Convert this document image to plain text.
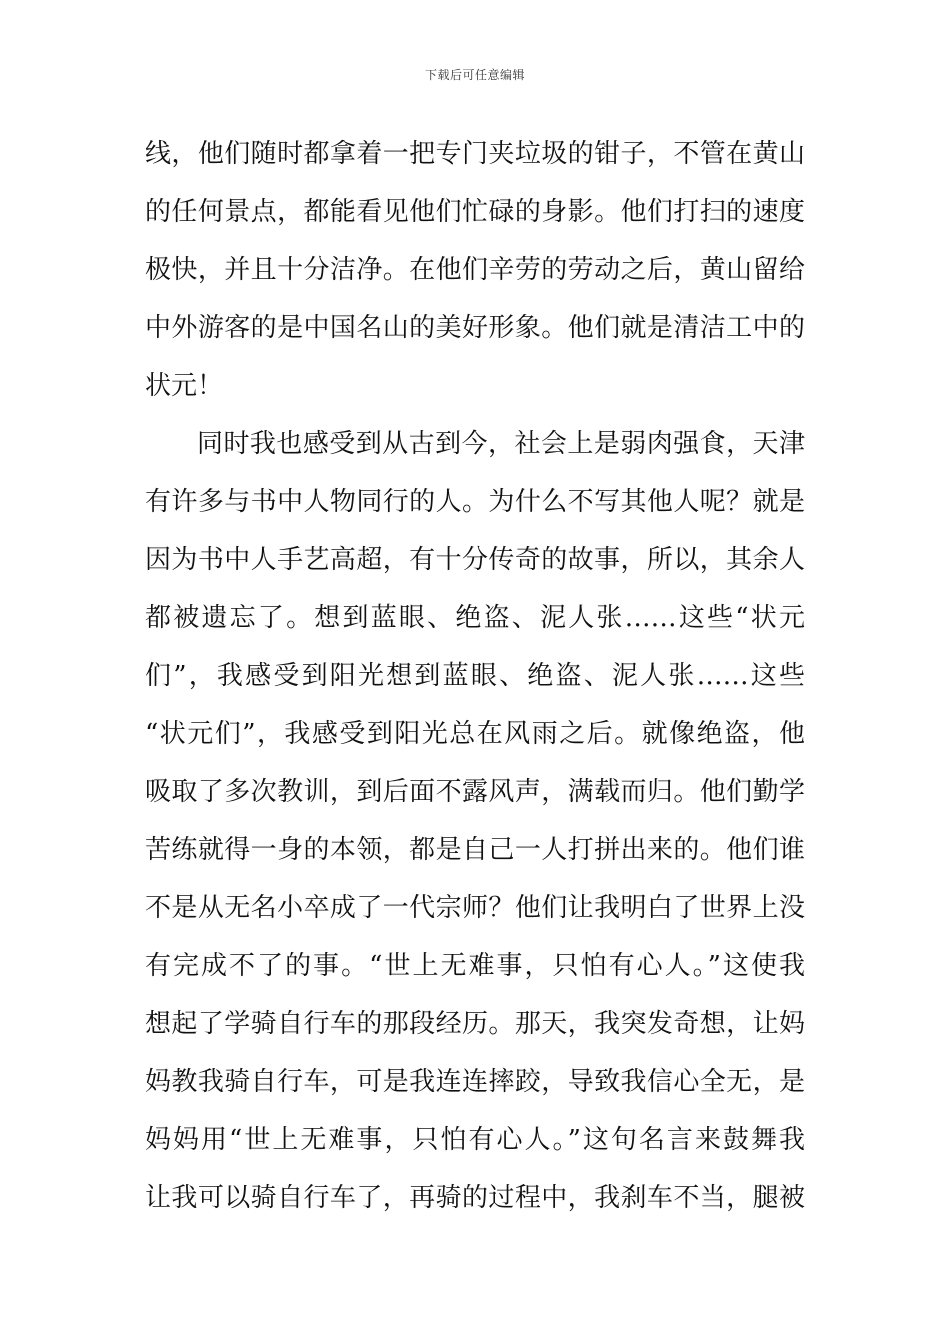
下载后可任意编辑
线，他们随时都拿着一把专门夹垃圾的钳子，不管在黄山
的任何景点，都能看见他们忙碌的身影。他们打扫的速度
极快，并且十分洁净。在他们辛劳的劳动之后，黄山留给
中外游客的是中国名山的美好形象。他们就是清洁工中的
状元！
同时我也感受到从古到今，社会上是弱肉强食，天津
有许多与书中人物同行的人。为什么不写其他人呢？就是
因为书中人手艺高超，有十分传奇的故事，所以，其余人
都被遗忘了。想到蓝眼、绝盗、泥人张……这些“状元
们”，我感受到阳光想到蓝眼、绝盗、泥人张……这些
“状元们”，我感受到阳光总在风雨之后。就像绝盗，他
吸取了多次教训，到后面不露风声，满载而归。他们勤学
苦练就得一身的本领，都是自己一人打拼出来的。他们谁
不是从无名小卒成了一代宗师？他们让我明白了世界上没
有完成不了的事。“世上无难事，只怕有心人。”这使我
想起了学骑自行车的那段经历。那天，我突发奇想，让妈
妈教我骑自行车，可是我连连摔跤，导致我信心全无，是
妈妈用“世上无难事，只怕有心人。”这句名言来鼓舞我
让我可以骑自行车了，再骑的过程中，我刹车不当，腿被
